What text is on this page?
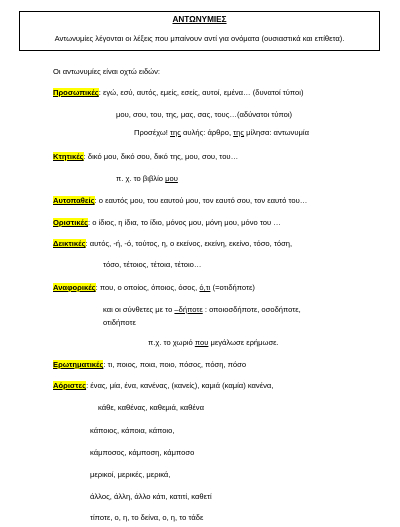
ΑΝΤΩΝΥΜΙΕΣ
Αντωνυμίες λέγονται οι λέξεις που μπαίνουν αντί για ονόματα (ουσιαστικά και επίθετα).
Οι αντωνυμίες είναι οχτώ ειδών:
Προσωπικές: εγώ, εσύ, αυτός, εμείς, εσείς, αυτοί, εμένα… (δυνατοί τύποι)
μου, σου, του, της, μας, σας, τους…(αδύνατοι τύποι)
Προσέχω! της αυλής: άρθρο, της μίλησα: αντωνυμία
Κτητικές: δικό μου, δικό σου, δικό της, μου, σου, του…
π. χ. το βιβλίο μου
Αυτοπαθείς: ο εαυτός μου, του εαυτού μου, τον εαυτό σου, τον εαυτό του…
Οριστικές: ο ίδιος, η ίδια, το ίδιο, μόνος μου, μόνη μου, μόνο του …
Δεικτικές: αυτός, -ή, -ό, τούτος, η, ο εκείνος, εκείνη, εκείνο, τόσο, τόση,
τόσο, τέτοιος, τέτοια, τέτοιο…
Αναφορικές: που, ο οποίος, όποιος, όσος, ό,τι (=οτιδήποτε)
και οι σύνθετες με το –δήποτε : οποιοσδήποτε, οσοδήποτε,
οτιδήποτε
π.χ. το χωριό που μεγάλωσε ερήμωσε.
Ερωτηματικές: τι, ποιος, ποια, ποιο, πόσος, πόση, πόσο
Αόριστες: ένας, μία, ένα, κανένας, (κανείς), καμιά (καμία) κανένα,
κάθε, καθένας, καθεμιά, καθένα
κάποιος, κάποια, κάποιο,
κάμποσος, κάμποση, κάμποσο
μερικοί, μερικές, μερικά,
άλλος, άλλη, άλλο κάτι, κατιτί, καθετί
τίποτε, ο, η, το δείνα, ο, η, το τάδε
